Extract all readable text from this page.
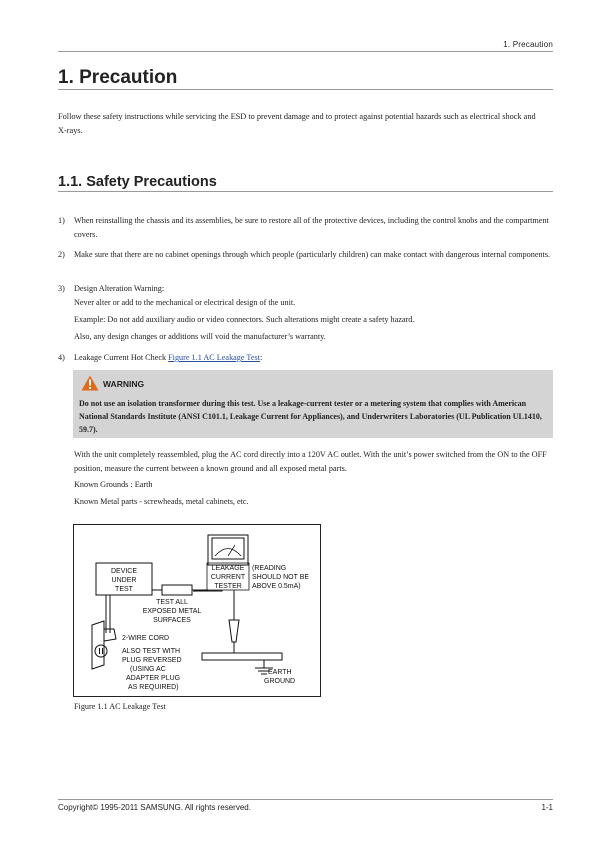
1. Precaution
1. Precaution
Follow these safety instructions while servicing the ESD to prevent damage and to protect against potential hazards such as electrical shock and X-rays.
1.1. Safety Precautions
1)	When reinstalling the chassis and its assemblies, be sure to restore all of the protective devices, including the control knobs and the compartment covers.
2)	Make sure that there are no cabinet openings through which people (particularly children) can make contact with dangerous internal components.
3)	Design Alteration Warning:
Never alter or add to the mechanical or electrical design of the unit.
Example: Do not add auxiliary audio or video connectors. Such alterations might create a safety hazard.
Also, any design changes or additions will void the manufacturer’s warranty.
4)	Leakage Current Hot Check Figure 1.1 AC Leakage Test:
WARNING
Do not use an isolation transformer during this test. Use a leakage-current tester or a metering system that complies with American National Standards Institute (ANSI C101.1, Leakage Current for Appliances), and Underwriters Laboratories (UL Publication UL1410, 59.7).
With the unit completely reassembled, plug the AC cord directly into a 120V AC outlet. With the unit’s power switched from the ON to the OFF position, measure the current between a known ground and all exposed metal parts.
Known Grounds : Earth
Known Metal parts - screwheads, metal cabinets, etc.
DEVICE
UNDER
TEST
LEAKAGE
CURRENT
TESTER
(READING
SHOULD NOT BE
ABOVE 0.5mA)
TEST ALL
EXPOSED METAL
SURFACES
2-WIRE CORD
ALSO TEST WITH
PLUG REVERSED
(USING AC
ADAPTER PLUG
AS REQUIRED)
EARTH
GROUND
Figure 1.1 AC Leakage Test
Copyright© 1995-2011 SAMSUNG. All rights reserved.	1-1
